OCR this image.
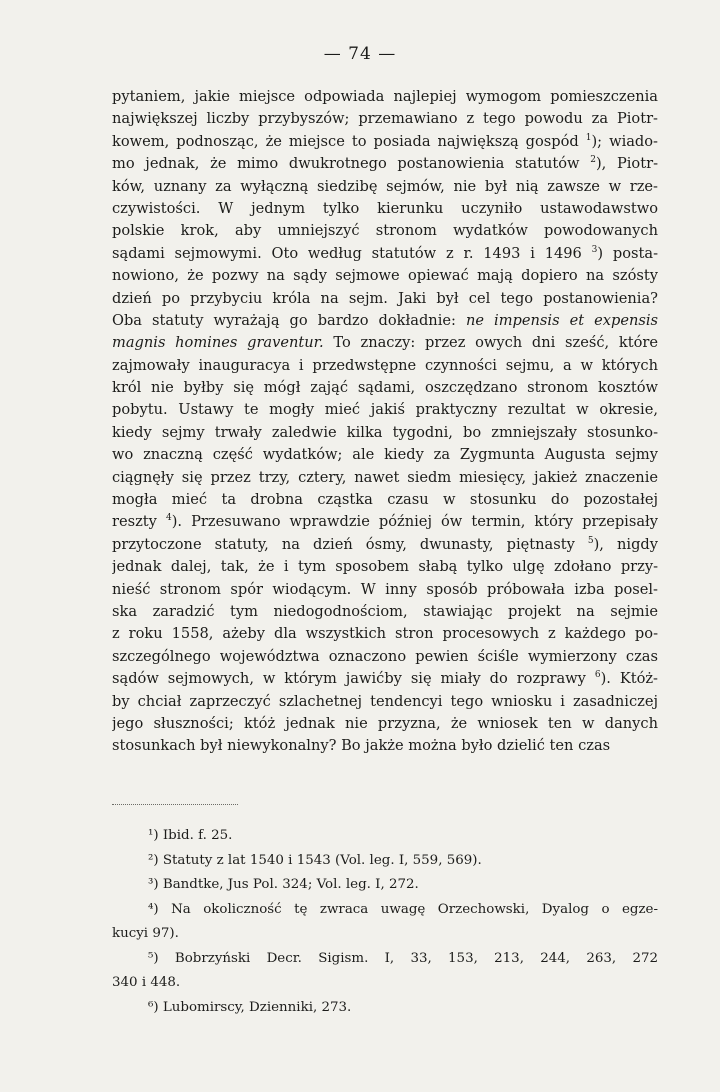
— 74 —
pytaniem, jakie miejsce odpowiada najlepiej wymogom pomieszczenia
największej liczby przybyszów; przemawiano z tego powodu za Piotr-
kowem, podnosząc, że miejsce to posiada największą gospód $^1$); wiado-
mo jednak, że mimo dwukrotnego postanowienia statutów $^2$), Piotr-
ków, uznany za wyłączną siedzibę sejmów, nie był nią zawsze w rze-
czywistości. W jednym tylko kierunku uczyniło ustawodawstwo
polskie krok, aby umniejszyć stronom wydatków powodowanych
sądami sejmowymi. Oto według statutów z r. 1493 i 1496 $^3$) posta-
nowiono, że pozwy na sądy sejmowe opiewać mają dopiero na szósty
dzień po przybyciu króla na sejm. Jaki był cel tego postanowienia?
Oba statuty wyrażają go bardzo dokładnie: ne impensis et expensis
magnis homines graventur. To znaczy: przez owych dni sześć, które
zajmowały inauguracya i przedwstępne czynności sejmu, a w których
król nie byłby się mógł zająć sądami, oszczędzano stronom kosztów
pobytu. Ustawy te mogły mieć jakiś praktyczny rezultat w okresie,
kiedy sejmy trwały zaledwie kilka tygodni, bo zmniejszały stosunko-
wo znaczną część wydatków; ale kiedy za Zygmunta Augusta sejmy
ciągnęły się przez trzy, cztery, nawet siedm miesięcy, jakież znaczenie
mogła mieć ta drobna cząstka czasu w stosunku do pozostałej
reszty $^4$). Przesuwano wprawdzie później ów termin, który przepisały
przytoczone statuty, na dzień ósmy, dwunasty, piętnasty $^5$), nigdy
jednak dalej, tak, że i tym sposobem słabą tylko ulgę zdołano przy-
nieść stronom spór wiodącym. W inny sposób próbowała izba posel-
ska zaradzić tym niedogodnościom, stawiając projekt na sejmie
z roku 1558, ażeby dla wszystkich stron procesowych z każdego po-
szczególnego województwa oznaczono pewien ściśle wymierzony czas
sądów sejmowych, w którym jawićby się miały do rozprawy $^6$). Któż-
by chciał zaprzeczyć szlachetnej tendencyi tego wniosku i zasadniczej
jego słuszności; któż jednak nie przyzna, że wniosek ten w danych
stosunkach był niewykonalny? Bo jakże można było dzielić ten czas
¹) Ibid. f. 25.
²) Statuty z lat 1540 i 1543 (Vol. leg. I, 559, 569).
³) Bandtke, Jus Pol. 324; Vol. leg. I, 272.
⁴) Na okoliczność tę zwraca uwagę Orzechowski, Dyalog o egze-
kucyi 97).
⁵) Bobrzyński Decr. Sigism. I, 33, 153, 213, 244, 263, 272
340 i 448.
⁶) Lubomirscy, Dzienniki, 273.
